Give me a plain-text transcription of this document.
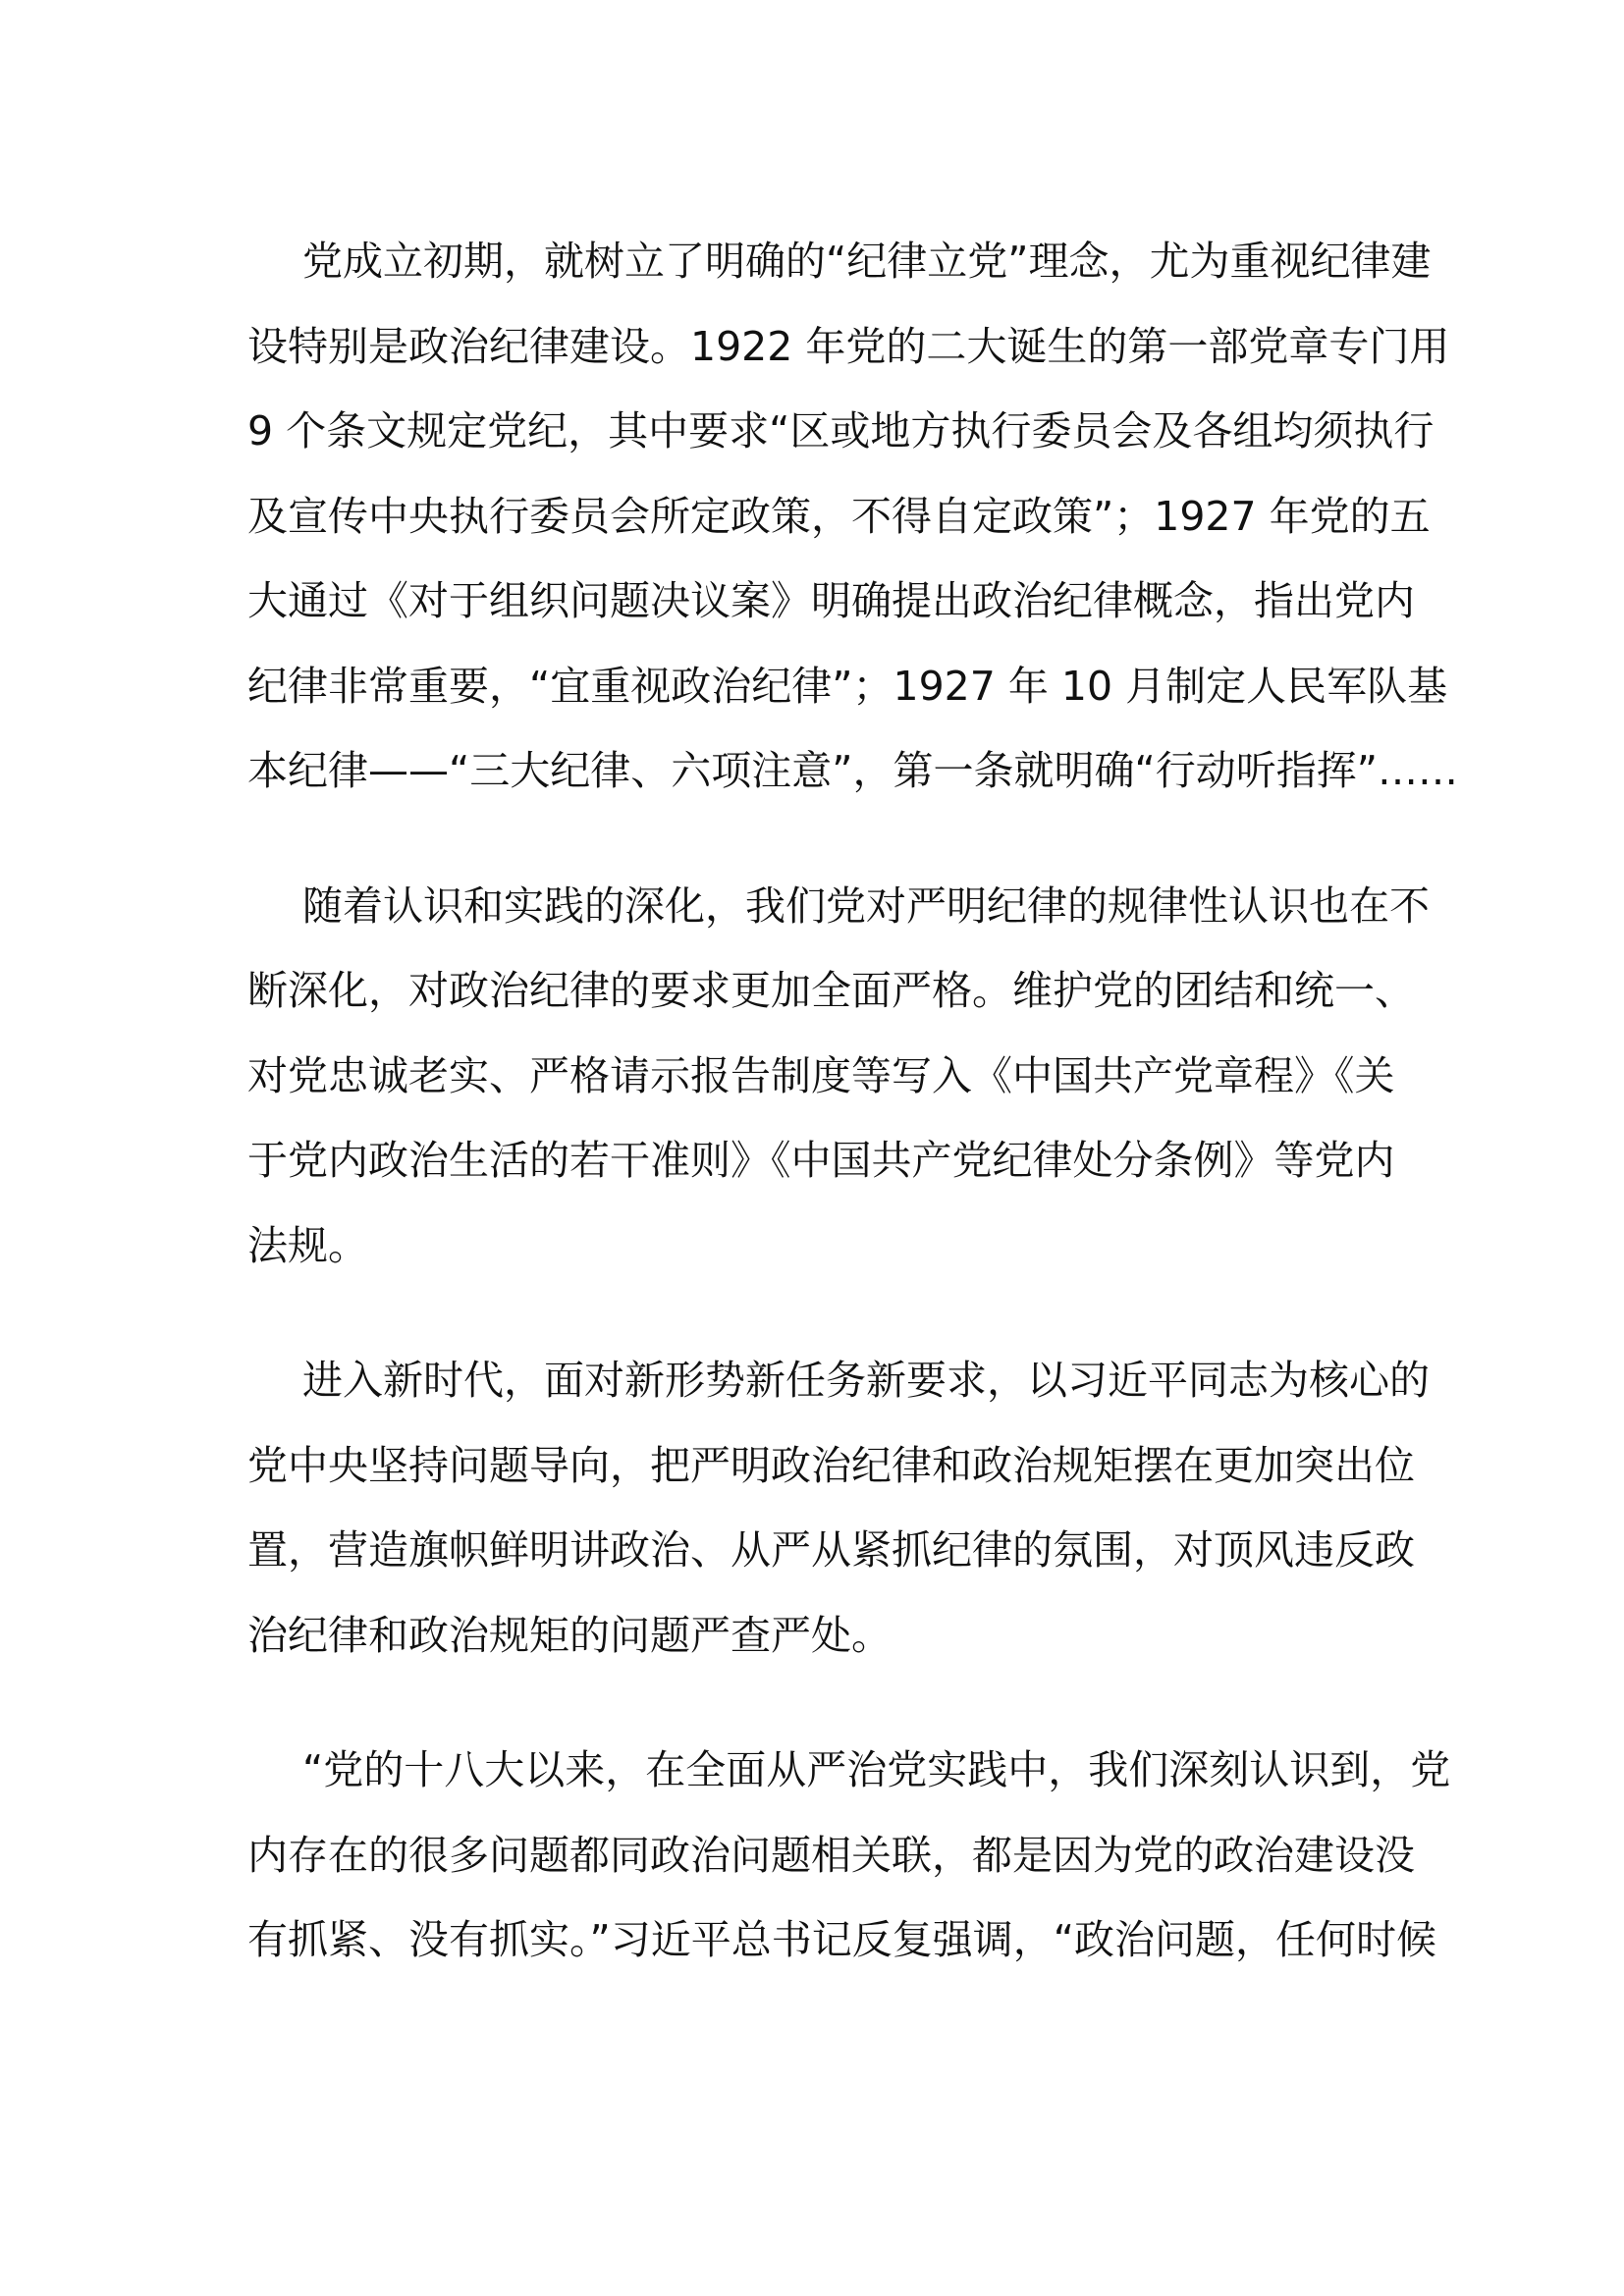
党成立初期，就树立了明确的“纪律立党”理念，尤为重视纪律建
设特别是政治纪律建设。1922 年党的二大诞生的第一部党章专门用
9 个条文规定党纪，其中要求“区或地方执行委员会及各组均须执行
及宣传中央执行委员会所定政策，不得自定政策”；1927 年党的五
大通过《对于组织问题决议案》明确提出政治纪律概念，指出党内
纪律非常重要，“宜重视政治纪律”；1927 年 10 月制定人民军队基
本纪律——“三大纪律、六项注意”，第一条就明确“行动听指挥”……
随着认识和实践的深化，我们党对严明纪律的规律性认识也在不
断深化，对政治纪律的要求更加全面严格。维护党的团结和统一、
对党忠诚老实、严格请示报告制度等写入《中国共产党章程》《关
于党内政治生活的若干准则》《中国共产党纪律处分条例》等党内
法规。
进入新时代，面对新形势新任务新要求，以习近平同志为核心的
党中央坚持问题导向，把严明政治纪律和政治规矩摆在更加突出位
置，营造旗帜鲜明讲政治、从严从紧抓纪律的氛围，对顶风违反政
治纪律和政治规矩的问题严查严处。
“党的十八大以来，在全面从严治党实践中，我们深刻认识到，党
内存在的很多问题都同政治问题相关联，都是因为党的政治建设没
有抓紧、没有抓实。”习近平总书记反复强调，“政治问题，任何时候
